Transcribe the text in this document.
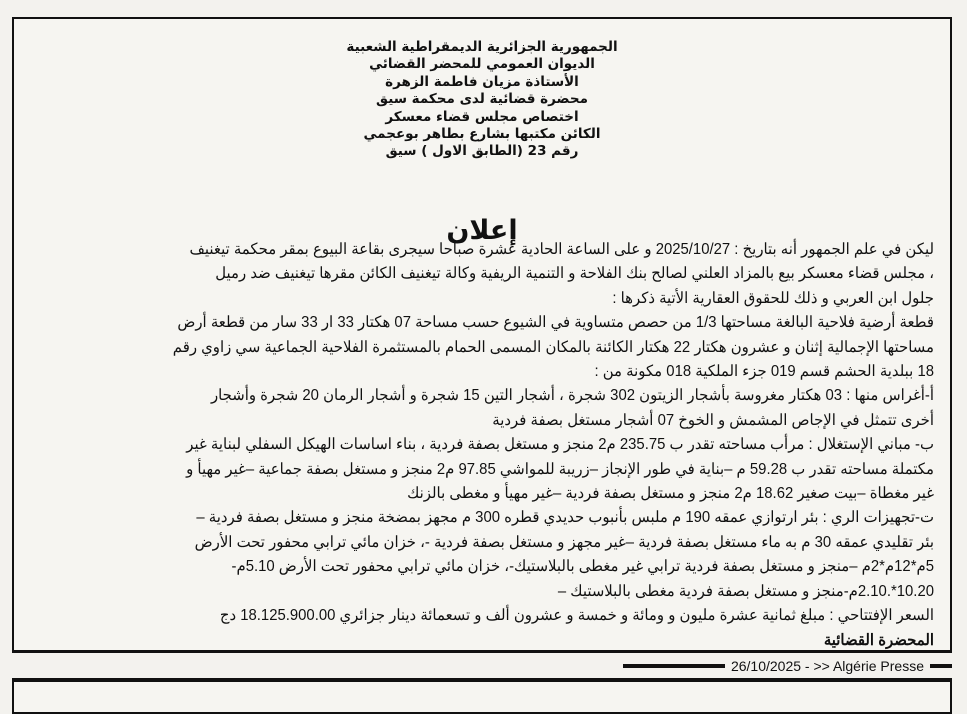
الجمهورية الجزائرية الديمقراطية الشعبية
الديوان العمومي للمحضر القضائي
الأستاذة مزيان فاطمة الزهرة
محضرة قضائية لدى محكمة سيق
اختصاص مجلس قضاء معسكر
الكائن مكتبها بشارع بطاهر بوعجمي
رقم 23 (الطابق الاول ) سيق
إعلان
ليكن في علم الجمهور أنه بتاريخ : 2025/10/27 و على الساعة الحادية عشرة صباحا سيجرى بقاعة البيوع بمقر محكمة تيغنيف
، مجلس قضاء معسكر بيع بالمزاد العلني لصالح بنك الفلاحة و التنمية الريفية وكالة تيغنيف الكائن مقرها تيغنيف ضد رميل
جلول ابن العربي و ذلك للحقوق العقارية الأتية ذكرها :
قطعة أرضية فلاحية البالغة مساحتها 1/3 من حصص متساوية في الشيوع حسب مساحة 07 هكتار 33 ار 33 سار من قطعة أرض
مساحتها الإجمالية إثنان و عشرون هكتار 22 هكتار الكائنة بالمكان المسمى الحمام بالمستثمرة الفلاحية الجماعية سي زاوي رقم
18 ببلدية الحشم قسم 019 جزء الملكية 018 مكونة من :
أ-أغراس منها : 03 هكتار مغروسة بأشجار الزيتون 302 شجرة ، أشجار التين 15 شجرة و أشجار الرمان 20 شجرة وأشجار
أخرى تتمثل في الإجاص المشمش و الخوخ 07 أشجار مستغل بصفة فردية
ب- مباني الإستغلال : مرأب مساحته تقدر ب 235.75 م2 منجز و مستغل بصفة فردية ، بناء اساسات الهيكل السفلي لبناية غير
مكتملة مساحته تقدر ب 59.28 م –بناية في طور الإنجاز –زريبة للمواشي 97.85 م2 منجز و مستغل بصفة جماعية –غير مهيأ و
غير مغطاة –بيت صغير 18.62 م2 منجز و مستغل بصفة فردية –غير مهيأ و مغطى بالزنك
ت-تجهيزات الري : بئر ارتوازي عمقه 190 م ملبس بأنبوب حديدي قطره 300 م مجهز بمضخة منجز و مستغل بصفة فردية –
بئر تقليدي عمقه 30 م به ماء مستغل بصفة فردية –غير مجهز و مستغل بصفة فردية -، خزان مائي ترابي محفور تحت الأرض
5م*12م*2م –منجز و مستغل بصفة فردية ترابي غير مغطى بالبلاستيك-، خزان مائي ترابي محفور تحت الأرض 5.10م-
10.20*.2.10م-منجز و مستغل بصفة فردية مغطى بالبلاستيك –
السعر الإفتتاحي : مبلغ ثمانية عشرة مليون و ومائة و خمسة و عشرون ألف و تسعمائة دينار جزائري 18.125.900.00 دج
المحضرة القضائية
26/10/2025 - >> Algérie Presse
